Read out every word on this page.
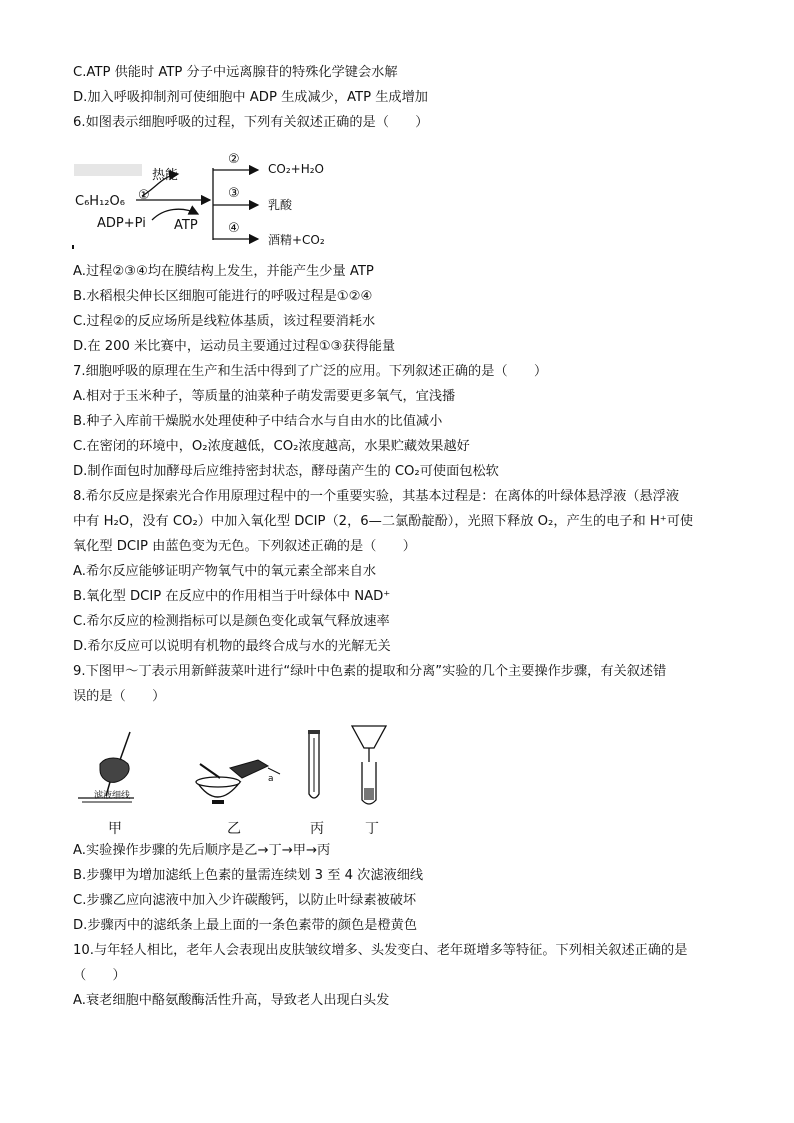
C.ATP 供能时 ATP 分子中远离腺苷的特殊化学键会水解
D.加入呼吸抑制剂可使细胞中 ADP 生成减少，ATP 生成增加
6.如图表示细胞呼吸的过程，下列有关叙述正确的是（　　）
C₆H₁₂O₆
ADP+Pi ATP
热能
①
②
③
④
CO₂+H₂O
乳酸
酒精+CO₂
A.过程②③④均在膜结构上发生，并能产生少量 ATP
B.水稻根尖伸长区细胞可能进行的呼吸过程是①②④
C.过程②的反应场所是线粒体基质，该过程要消耗水
D.在 200 米比赛中，运动员主要通过过程①③获得能量
7.细胞呼吸的原理在生产和生活中得到了广泛的应用。下列叙述正确的是（　　）
A.相对于玉米种子，等质量的油菜种子萌发需要更多氧气，宜浅播
B.种子入库前干燥脱水处理使种子中结合水与自由水的比值减小
C.在密闭的环境中，O₂浓度越低，CO₂浓度越高，水果贮藏效果越好
D.制作面包时加酵母后应维持密封状态，酵母菌产生的 CO₂可使面包松软
8.希尔反应是探索光合作用原理过程中的一个重要实验，其基本过程是：在离体的叶绿体悬浮液（悬浮液
中有 H₂O，没有 CO₂）中加入氧化型 DCIP（2，6—二氯酚靛酚），光照下释放 O₂，产生的电子和 H⁺可使
氧化型 DCIP 由蓝色变为无色。下列叙述正确的是（　　）
A.希尔反应能够证明产物氧气中的氧元素全部来自水
B.氧化型 DCIP 在反应中的作用相当于叶绿体中 NAD⁺
C.希尔反应的检测指标可以是颜色变化或氧气释放速率
D.希尔反应可以说明有机物的最终合成与水的光解无关
9.下图甲～丁表示用新鲜菠菜叶进行“绿叶中色素的提取和分离”实验的几个主要操作步骤，有关叙述错
误的是（　　）
滤液细线
a
甲	乙	丙	丁
A.实验操作步骤的先后顺序是乙→丁→甲→丙
B.步骤甲为增加滤纸上色素的量需连续划 3 至 4 次滤液细线
C.步骤乙应向滤液中加入少许碳酸钙，以防止叶绿素被破坏
D.步骤丙中的滤纸条上最上面的一条色素带的颜色是橙黄色
10.与年轻人相比，老年人会表现出皮肤皱纹增多、头发变白、老年斑增多等特征。下列相关叙述正确的是
（　　）
A.衰老细胞中酪氨酸酶活性升高，导致老人出现白头发
